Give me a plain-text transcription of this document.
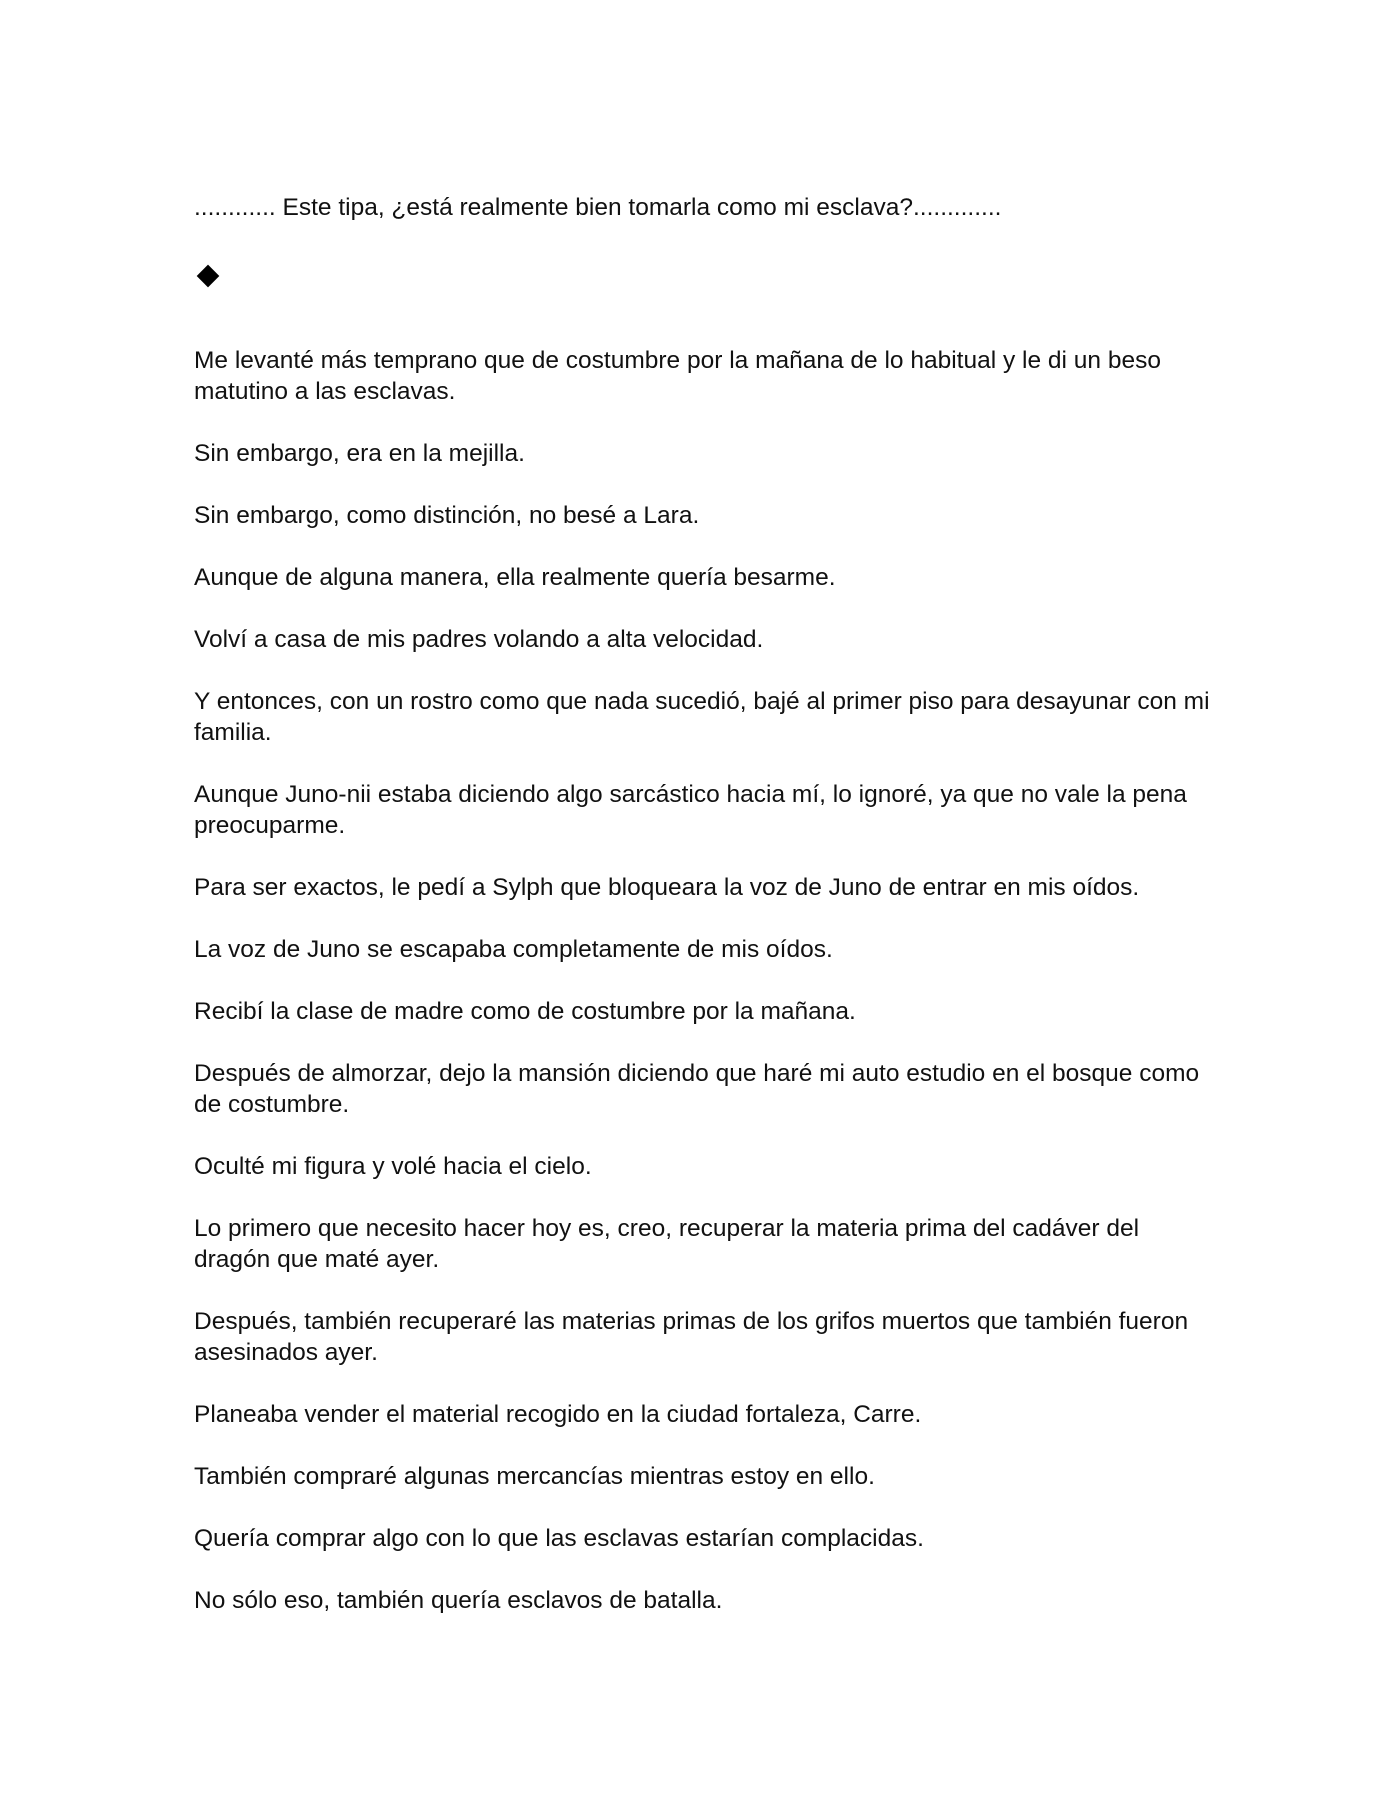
............ Este tipa, ¿está realmente bien tomarla como mi esclava?.............

Me levanté más temprano que de costumbre por la mañana de lo habitual y le di un beso matutino a las esclavas.

Sin embargo, era en la mejilla.

Sin embargo, como distinción, no besé a Lara.

Aunque de alguna manera, ella realmente quería besarme.

Volví a casa de mis padres volando a alta velocidad.

Y entonces, con un rostro como que nada sucedió, bajé al primer piso para desayunar con mi familia.

Aunque Juno-nii estaba diciendo algo sarcástico hacia mí, lo ignoré, ya que no vale la pena preocuparme.

Para ser exactos, le pedí a Sylph que bloqueara la voz de Juno de entrar en mis oídos.

La voz de Juno se escapaba completamente de mis oídos.

Recibí la clase de madre como de costumbre por la mañana.

Después de almorzar, dejo la mansión diciendo que haré mi auto estudio en el bosque como de costumbre.

Oculté mi figura y volé hacia el cielo.

Lo primero que necesito hacer hoy es, creo, recuperar la materia prima del cadáver del dragón que maté ayer.

Después, también recuperaré las materias primas de los grifos muertos que también fueron asesinados ayer.

Planeaba vender el material recogido en la ciudad fortaleza, Carre.

También compraré algunas mercancías mientras estoy en ello.

Quería comprar algo con lo que las esclavas estarían complacidas.

No sólo eso, también quería esclavos de batalla.
